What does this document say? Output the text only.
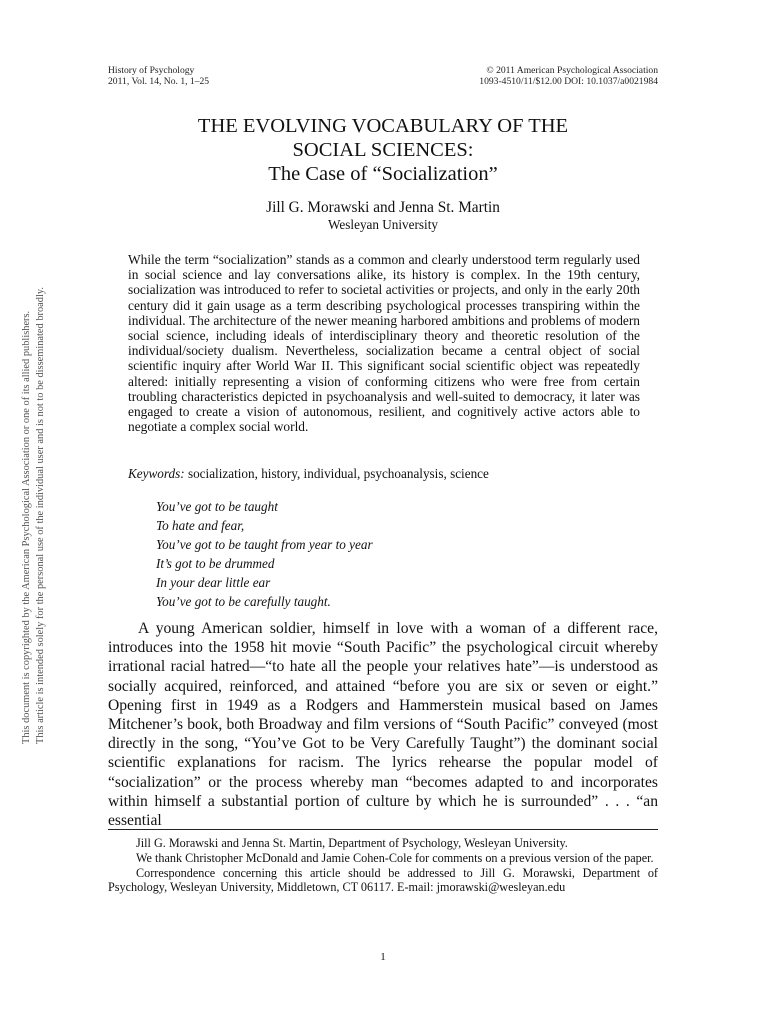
This document is copyrighted by the American Psychological Association or one of its allied publishers. This article is intended solely for the personal use of the individual user and is not to be disseminated broadly.
History of Psychology
2011, Vol. 14, No. 1, 1–25
© 2011 American Psychological Association
1093-4510/11/$12.00 DOI: 10.1037/a0021984
THE EVOLVING VOCABULARY OF THE
SOCIAL SCIENCES:
The Case of “Socialization”
Jill G. Morawski and Jenna St. Martin
Wesleyan University

While the term “socialization” stands as a common and clearly understood term regularly used in social science and lay conversations alike, its history is complex. In the 19th century, socialization was introduced to refer to societal activities or projects, and only in the early 20th century did it gain usage as a term describing psychological processes transpiring within the individual. The architecture of the newer meaning harbored ambitions and problems of modern social science, including ideals of interdisciplinary theory and theoretic resolution of the individual/society dualism. Nevertheless, socialization became a central object of social scientific inquiry after World War II. This significant social scientific object was repeatedly altered: initially representing a vision of conforming citizens who were free from certain troubling characteristics depicted in psychoanalysis and well-suited to democracy, it later was engaged to create a vision of autonomous, resilient, and cognitively active actors able to negotiate a complex social world.

Keywords: socialization, history, individual, psychoanalysis, science
You’ve got to be taught
To hate and fear,
You’ve got to be taught from year to year
It’s got to be drummed
In your dear little ear
You’ve got to be carefully taught.

A young American soldier, himself in love with a woman of a different race, introduces into the 1958 hit movie “South Pacific” the psychological circuit whereby irrational racial hatred—“to hate all the people your relatives hate”—is understood as socially acquired, reinforced, and attained “before you are six or seven or eight.” Opening first in 1949 as a Rodgers and Hammerstein musical based on James Mitchener’s book, both Broadway and film versions of “South Pacific” conveyed (most directly in the song, “You’ve Got to be Very Carefully Taught”) the dominant social scientific explanations for racism. The lyrics rehearse the popular model of “socialization” or the process whereby man “becomes adapted to and incorporates within himself a substantial portion of culture by which he is surrounded” . . . “an essential

Jill G. Morawski and Jenna St. Martin, Department of Psychology, Wesleyan University.

We thank Christopher McDonald and Jamie Cohen-Cole for comments on a previous version of the paper.

Correspondence concerning this article should be addressed to Jill G. Morawski, Department of Psychology, Wesleyan University, Middletown, CT 06117. E-mail: jmorawski@wesleyan.edu

1
